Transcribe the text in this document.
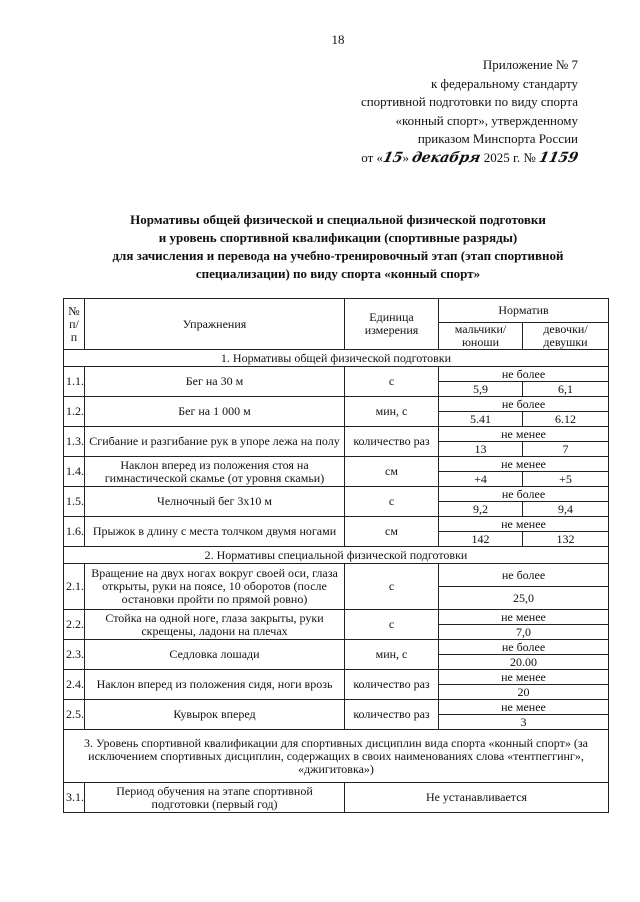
18
Приложение № 7
к федеральному стандарту
спортивной подготовки по виду спорта
«конный спорт», утвержденному
приказом Минспорта России
от «15» декабря 2025 г. № 1159
Нормативы общей физической и специальной физической подготовки
и уровень спортивной квалификации (спортивные разряды)
для зачисления и перевода на учебно-тренировочный этап (этап спортивной
специализации) по виду спорта «конный спорт»
№ п/п	Упражнения	Единица измерения	Норматив	
			мальчики/ юноши	девочки/ девушки
1. Нормативы общей физической подготовки				
1.1.	Бег на 30 м	с	не более	
			5,9	6,1
1.2.	Бег на 1 000 м	мин, с	не более	
			5.41	6.12
1.3.	Сгибание и разгибание рук в упоре лежа на полу	количество раз	не менее	
			13	7
1.4.	Наклон вперед из положения стоя на гимнастической скамье (от уровня скамьи)	см	не менее	
			+4	+5
1.5.	Челночный бег 3х10 м	с	не более	
			9,2	9,4
1.6.	Прыжок в длину с места толчком двумя ногами	см	не менее	
			142	132
2. Нормативы специальной физической подготовки				
2.1.	Вращение на двух ногах вокруг своей оси, глаза открыты, руки на поясе, 10 оборотов (после остановки пройти по прямой ровно)	с	не более	
			25,0	
2.2.	Стойка на одной ноге, глаза закрыты, руки скрещены, ладони на плечах	с	не менее	
			7,0	
2.3.	Седловка лошади	мин, с	не более	
			20.00	
2.4.	Наклон вперед из положения сидя, ноги врозь	количество раз	не менее	
			20	
2.5.	Кувырок вперед	количество раз	не менее	
			3	
3. Уровень спортивной квалификации для спортивных дисциплин вида спорта «конный спорт» (за исключением спортивных дисциплин, содержащих в своих наименованиях слова «тентпеггинг», «джигитовка»)				
3.1.	Период обучения на этапе спортивной подготовки (первый год)	Не устанавливается		
